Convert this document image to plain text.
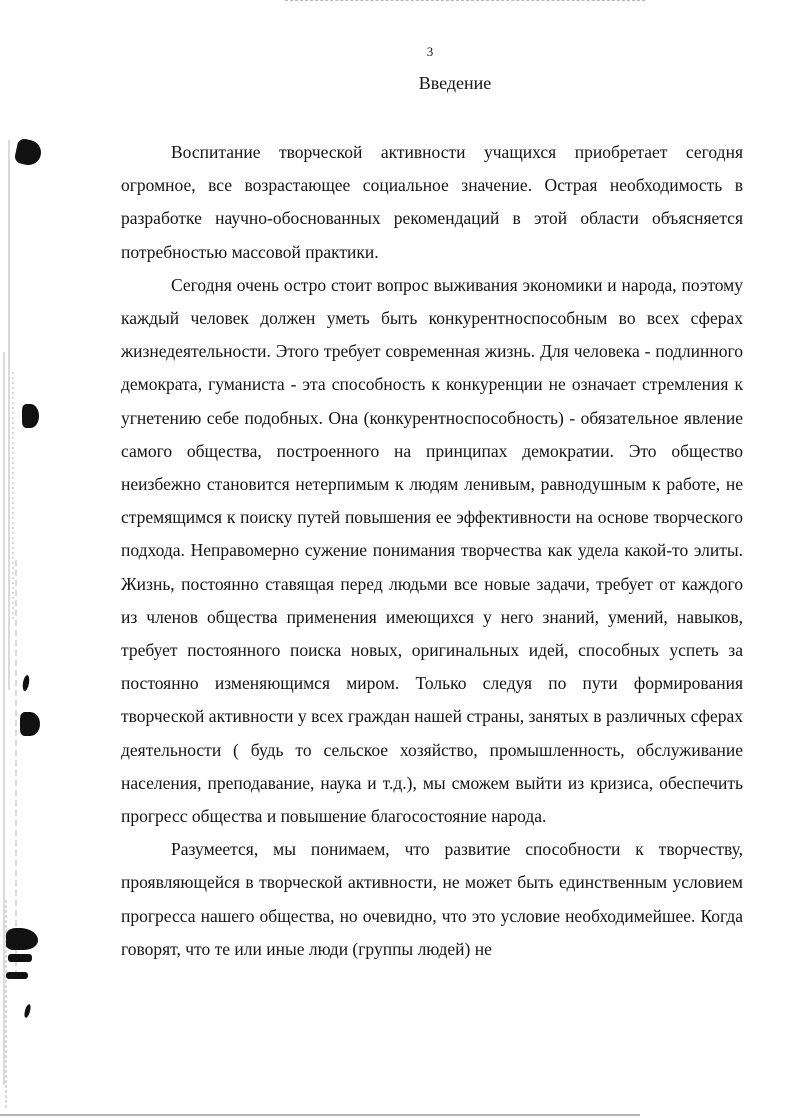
3
Введение

Воспитание творческой активности учащихся приобретает сегодня огромное, все возрастающее социальное значение. Острая необходимость в разработке научно-обоснованных рекомендаций в этой области объясняется потребностью массовой практики.

Сегодня очень остро стоит вопрос выживания экономики и народа, поэтому каждый человек должен уметь быть конкурентноспособным во всех сферах жизнедеятельности. Этого требует современная жизнь. Для человека - подлинного демократа, гуманиста - эта способность к конкуренции не означает стремления к угнетению себе подобных. Она (конкурентноспособность) - обязательное явление самого общества, построенного на принципах демократии. Это общество неизбежно становится нетерпимым к людям ленивым, равнодушным к работе, не стремящимся к поиску путей повышения ее эффективности на основе творческого подхода. Неправомерно сужение понимания творчества как удела какой-то элиты. Жизнь, постоянно ставящая перед людьми все новые задачи, требует от каждого из членов общества применения имеющихся у него знаний, умений, навыков, требует постоянного поиска новых, оригинальных идей, способных успеть за постоянно изменяющимся миром. Только следуя по пути формирования творческой активности у всех граждан нашей страны, занятых в различных сферах деятельности ( будь то сельское хозяйство, промышленность, обслуживание населения, преподавание, наука и т.д.), мы сможем выйти из кризиса, обеспечить прогресс общества и повышение благосостояние народа.

Разумеется, мы понимаем, что развитие способности к творчеству, проявляющейся в творческой активности, не может быть единственным условием прогресса нашего общества, но очевидно, что это условие необходимейшее. Когда говорят, что те или иные люди (группы людей) не
